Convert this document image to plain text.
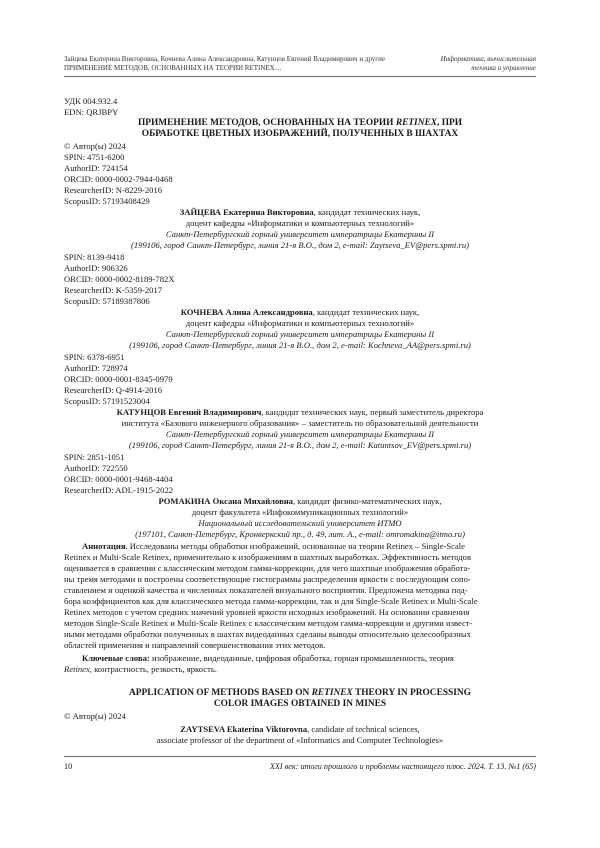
Зайцева Екатерина Викторовна, Кочнева Алина Александровна, Катунцов Евгений Владимирович и другие
ПРИМЕНЕНИЕ МЕТОДОВ, ОСНОВАННЫХ НА ТЕОРИИ RETINEX…
Информатика, вычислительная
техника и управление
УДК 004.932.4
EDN: QRJBPY
ПРИМЕНЕНИЕ МЕТОДОВ, ОСНОВАННЫХ НА ТЕОРИИ RETINEX, ПРИ
ОБРАБОТКЕ ЦВЕТНЫХ ИЗОБРАЖЕНИЙ, ПОЛУЧЕННЫХ В ШАХТАХ
© Автор(ы) 2024
SPIN: 4751-6200
AuthorID: 724154
ORCID: 0000-0002-7944-0468
ResearcherID: N-8229-2016
ScopusID: 57193408429
ЗАЙЦЕВА Екатерина Викторовна, кандидат технических наук,
доцент кафедры «Информатики и компьютерных технологий»
Санкт-Петербургский горный университет императрицы Екатерины II
(199106, город Санкт-Петербург, линия 21-я В.О., дом 2, e-mail: Zaytseva_EV@pers.spmi.ru)
SPIN: 8139-9418
AuthorID: 906326
ORCID: 0000-0002-8189-782X
ResearcherID: K-5359-2017
ScopusID: 57189387806
КОЧНЕВА Алина Александровна, кандидат технических наук,
доцент кафедры «Информатики и компьютерных технологий»
Санкт-Петербургский горный университет императрицы Екатерины II
(199106, город Санкт-Петербург, линия 21-я В.О., дом 2, e-mail: Kochneva_AA@pers.spmi.ru)
SPIN: 6378-6951
AuthorID: 728974
ORCID: 0000-0001-8345-0979
ResearcherID: Q-4914-2016
ScopusID: 57191523004
КАТУНЦОВ Евгений Владимирович, кандидат технических наук, первый заместитель директора
института «Базового инженерного образования» – заместитель по образовательной деятельности
Санкт-Петербургский горный университет императрицы Екатерины II
(199106, город Санкт-Петербург, линия 21-я В.О., дом 2, e-mail: Katuntsov_EV@pers.spmi.ru)
SPIN: 2851-1051
AuthorID: 722550
ORCID: 0000-0001-9468-4404
ResearcherID: ADL-1915-2022
РОМАКИНА Оксана Михайловна, кандидат физико-математических наук,
доцент факультета «Инфокоммуникационных технологий»
Национальный исследовательский университет ИТМО
(197101, Санкт-Петербург, Кронверкский пр., д. 49, лит. А., e-mail: omromakina@itmo.ru)
Аннотация. Исследованы методы обработки изображений, основанные на теории Retinex – Single-Scale
Retinex и Multi-Scale Retinex, применительно к изображениям в шахтных выработках. Эффективность методов
оценивается в сравнении с классическим методом гамма-коррекции, для чего шахтные изображения обработа-
ны тремя методами и построены соответствующие гистограммы распределения яркости с последующим сопо-
ставлением и оценкой качества и численных показателей визуального восприятия. Предложена методика под-
бора коэффициентов как для классического метода гамма-коррекции, так и для Single-Scale Retinex и Multi-Scale
Retinex методов с учетом средних значений уровней яркости исходных изображений. На основании сравнения
методов Single-Scale Retinex и Multi-Scale Retinex с классическим методом гамма-коррекции и другими извест-
ными методами обработки полученных в шахтах видеоданных сделаны выводы относительно целесообразных
областей применения и направлений совершенствования этих методов.
Ключевые слова: изображение, видеоданные, цифровая обработка, горная промышленность, теория
Retinex, контрастность, резкость, яркость.
APPLICATION OF METHODS BASED ON RETINEX THEORY IN PROCESSING
COLOR IMAGES OBTAINED IN MINES
© Автор(ы) 2024
ZAYTSEVA Ekaterina Viktorovna, candidate of technical sciences,
associate professor of the department of «Informatics and Computer Technologies»
10	XXI век: итоги прошлого и проблемы настоящего плюс. 2024. Т. 13. №1 (65)
